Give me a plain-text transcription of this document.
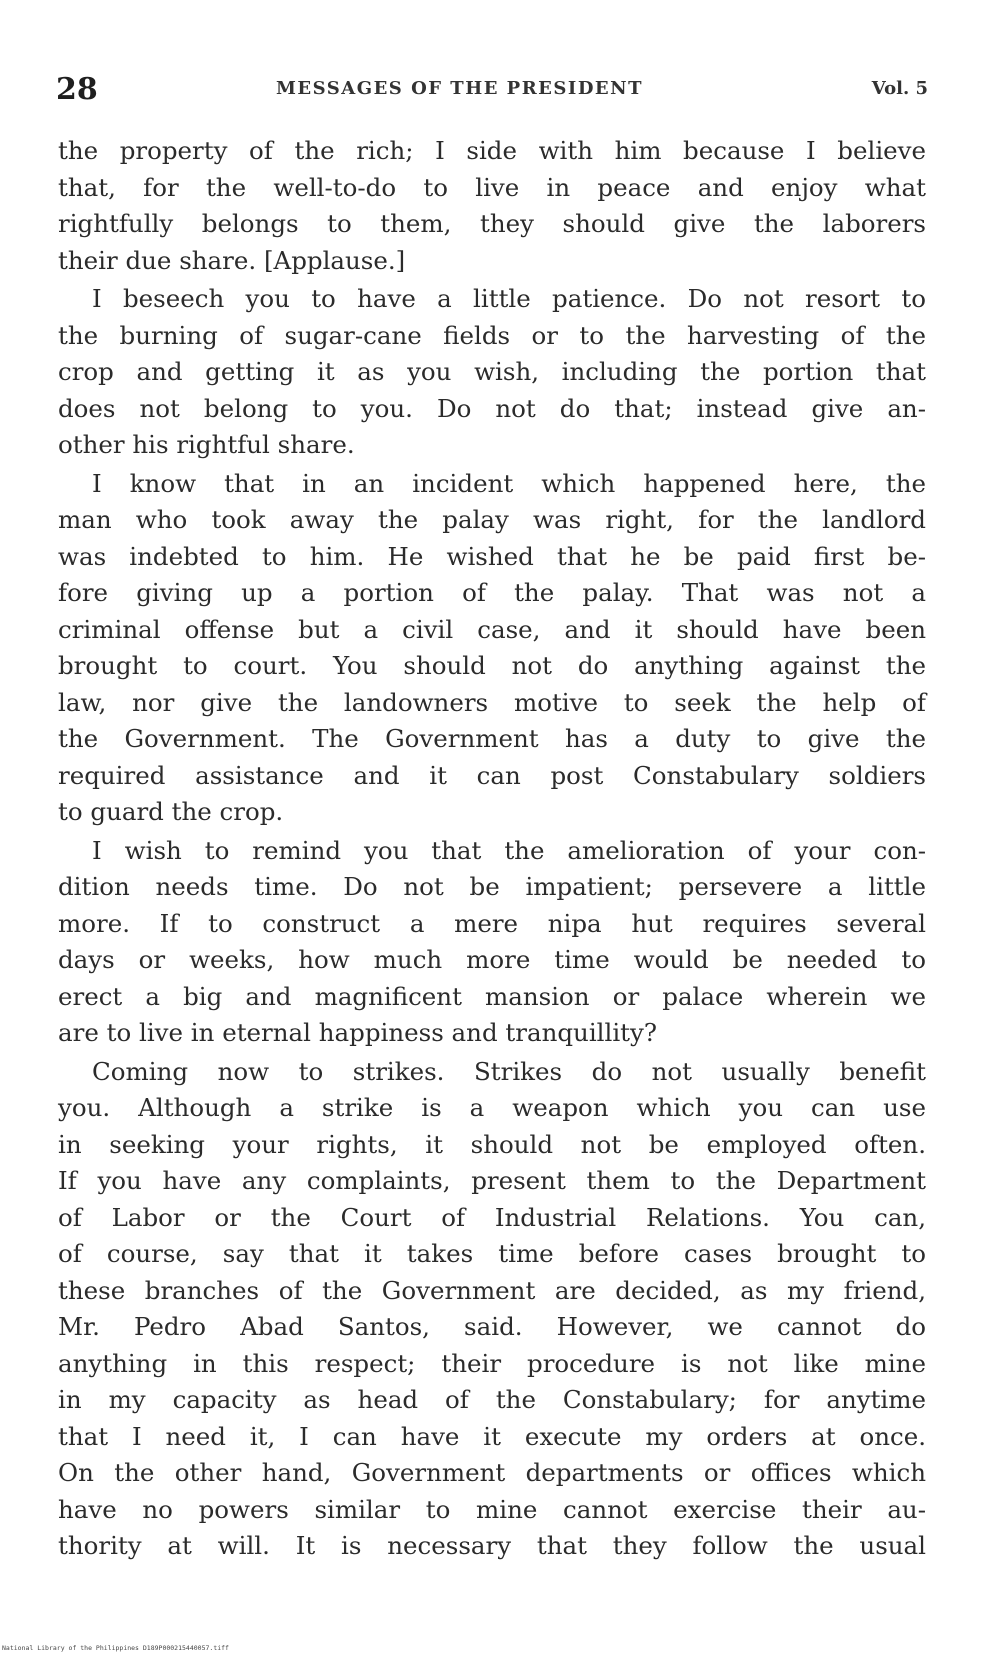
28	MESSAGES OF THE PRESIDENT	Vol. 5
the property of the rich; I side with him because I believe
that, for the well-to-do to live in peace and enjoy what
rightfully belongs to them, they should give the laborers
their due share. [Applause.]
I beseech you to have a little patience. Do not resort to
the burning of sugar-cane fields or to the harvesting of the
crop and getting it as you wish, including the portion that
does not belong to you. Do not do that; instead give an-
other his rightful share.
I know that in an incident which happened here, the
man who took away the palay was right, for the landlord
was indebted to him. He wished that he be paid first be-
fore giving up a portion of the palay. That was not a
criminal offense but a civil case, and it should have been
brought to court. You should not do anything against the
law, nor give the landowners motive to seek the help of
the Government. The Government has a duty to give the
required assistance and it can post Constabulary soldiers
to guard the crop.
I wish to remind you that the amelioration of your con-
dition needs time. Do not be impatient; persevere a little
more. If to construct a mere nipa hut requires several
days or weeks, how much more time would be needed to
erect a big and magnificent mansion or palace wherein we
are to live in eternal happiness and tranquillity?
Coming now to strikes. Strikes do not usually benefit
you. Although a strike is a weapon which you can use
in seeking your rights, it should not be employed often.
If you have any complaints, present them to the Department
of Labor or the Court of Industrial Relations. You can,
of course, say that it takes time before cases brought to
these branches of the Government are decided, as my friend,
Mr. Pedro Abad Santos, said. However, we cannot do
anything in this respect; their procedure is not like mine
in my capacity as head of the Constabulary; for anytime
that I need it, I can have it execute my orders at once.
On the other hand, Government departments or offices which
have no powers similar to mine cannot exercise their au-
thority at will. It is necessary that they follow the usual
National Library of the Philippines D189P000215440057.tiff
